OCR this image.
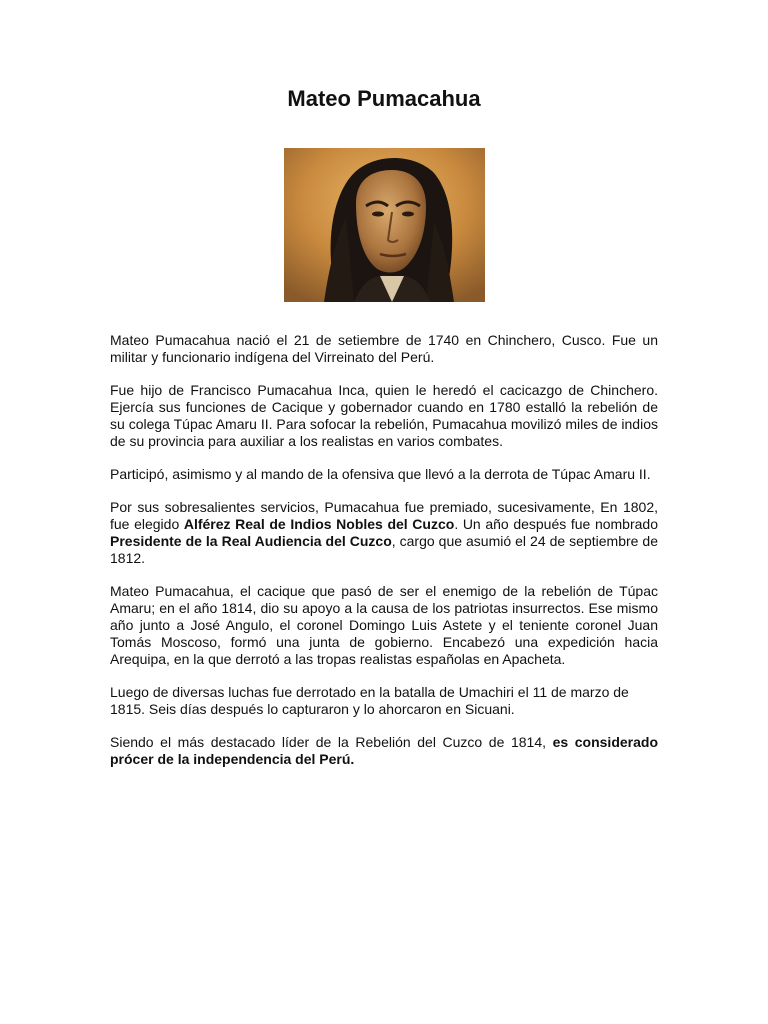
Mateo Pumacahua

Mateo Pumacahua nació el 21 de setiembre de 1740 en Chinchero, Cusco. Fue un militar y funcionario indígena del Virreinato del Perú.

Fue hijo de Francisco Pumacahua Inca, quien le heredó el cacicazgo de Chinchero. Ejercía sus funciones de Cacique y gobernador cuando en 1780 estalló la rebelión de su colega Túpac Amaru II. Para sofocar la rebelión, Pumacahua movilizó miles de indios de su provincia para auxiliar a los realistas en varios combates.

Participó, asimismo y al mando de la ofensiva que llevó a la derrota de Túpac Amaru II.

Por sus sobresalientes servicios, Pumacahua fue premiado, sucesivamente, En 1802, fue elegido Alférez Real de Indios Nobles del Cuzco. Un año después fue nombrado Presidente de la Real Audiencia del Cuzco, cargo que asumió el 24 de septiembre de 1812.

Mateo Pumacahua, el cacique que pasó de ser el enemigo de la rebelión de Túpac Amaru; en el año 1814, dio su apoyo a la causa de los patriotas insurrectos. Ese mismo año junto a José Angulo, el coronel Domingo Luis Astete y el teniente coronel Juan Tomás Moscoso, formó una junta de gobierno. Encabezó una expedición hacia Arequipa, en la que derrotó a las tropas realistas españolas en Apacheta.

Luego de diversas luchas fue derrotado en la batalla de Umachiri el 11 de marzo de 1815. Seis días después lo capturaron y lo ahorcaron en Sicuani.

Siendo el más destacado líder de la Rebelión del Cuzco de 1814, es considerado prócer de la independencia del Perú.
